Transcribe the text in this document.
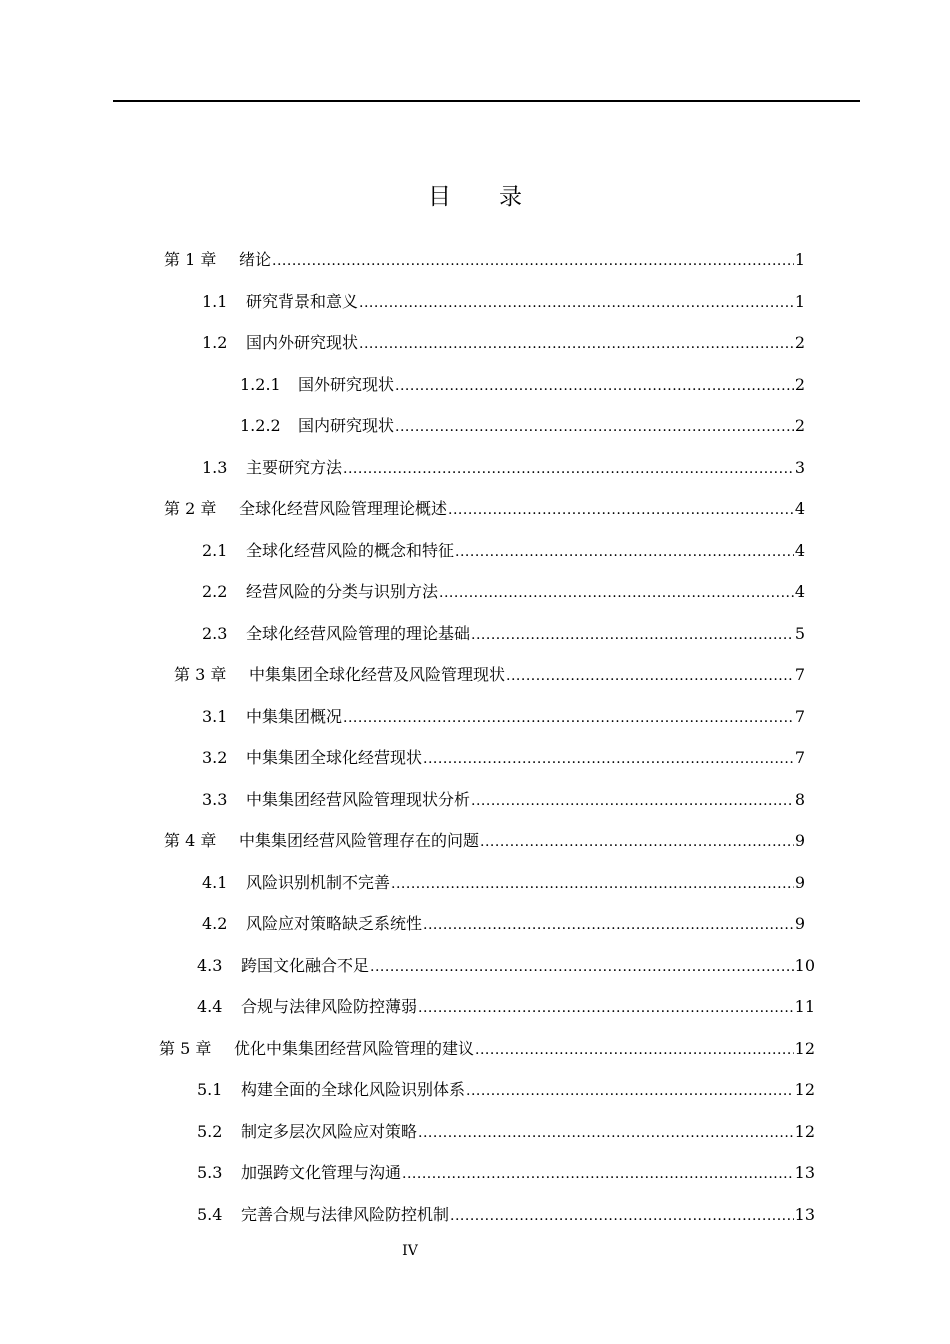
目 录
第 1 章	绪论 .....	1
1.1	研究背景和意义 .....	1
1.2	国内外研究现状 .....	2
1.2.1	国外研究现状 .....	2
1.2.2	国内研究现状 .....	2
1.3	主要研究方法 .....	3
第 2 章	全球化经营风险管理理论概述 .....	4
2.1	全球化经营风险的概念和特征 .....	4
2.2	经营风险的分类与识别方法 .....	4
2.3	全球化经营风险管理的理论基础 .....	5
第 3 章	中集集团全球化经营及风险管理现状 .....	7
3.1	中集集团概况 .....	7
3.2	中集集团全球化经营现状 .....	7
3.3	中集集团经营风险管理现状分析 .....	8
第 4 章	中集集团经营风险管理存在的问题 .....	9
4.1	风险识别机制不完善 .....	9
4.2	风险应对策略缺乏系统性 .....	9
4.3	跨国文化融合不足 .....	10
4.4	合规与法律风险防控薄弱 .....	11
第 5 章	优化中集集团经营风险管理的建议 .....	12
5.1	构建全面的全球化风险识别体系 .....	12
5.2	制定多层次风险应对策略 .....	12
5.3	加强跨文化管理与沟通 .....	13
5.4	完善合规与法律风险防控机制 .....	13
IV
